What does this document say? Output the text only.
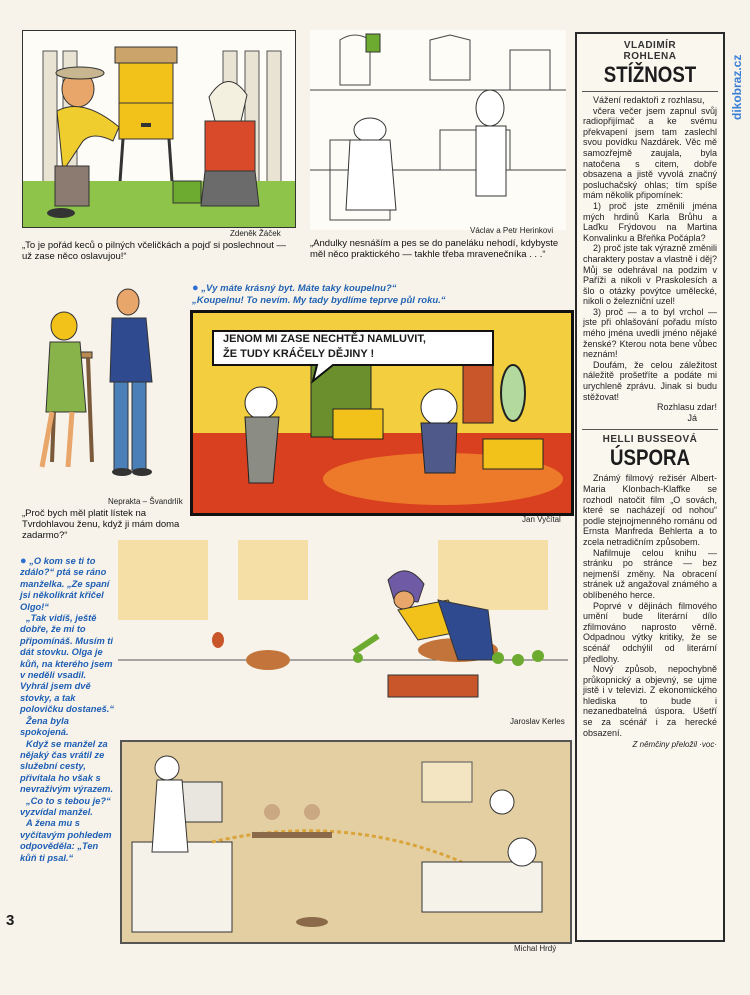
Zdeněk Žáček
„To je pořád keců o pilných včeličkách a pojď si poslechnout — už zase něco oslavujou!“
Václav a Petr Herinkovi
„Andulky nesnáším a pes se do paneláku nehodí, kdybyste měl něco praktického — takhle třeba mravenečníka . . .“
Neprakta – Švandrlík
„Proč bych měl platit lístek na Tvrdohlavou ženu, když ji mám doma zadarmo?“
● „Vy máte krásný byt. Máte taky koupelnu?“
„Koupelnu! To nevím. My tady bydlíme teprve půl roku.“
JENOM MI ZASE NECHTĚJ NAMLUVIT,
ŽE TUDY KRÁČELY DĚJINY !
Jan Vyčítal
● „O kom se ti to zdálo?“ ptá se ráno manželka. „Ze spaní jsi několikrát křičel Olgo!“

„Tak vidíš, ještě dobře, že mi to připomínáš. Musím ti dát stovku. Olga je kůň, na kterého jsem v neděli vsadil. Vyhrál jsem dvě stovky, a tak polovičku dostaneš.“

Žena byla spokojená.

Když se manžel za nějaký čas vrátil ze služební cesty, přivítala ho však s nevraživým výrazem.

„Co to s tebou je?“ vyzvídal manžel.

A žena mu s vyčítavým pohledem odpověděla: „Ten kůň ti psal.“

Jaroslav Kerles
Michal Hrdý
3
dikobraz.cz
VLADIMÍR
ROHLENA
STÍŽNOST

Vážení redaktoři z rozhlasu,

včera večer jsem zapnul svůj radiopřijímač a ke svému překvapení jsem tam zaslechl svou povídku Nazdárek. Věc mě samozřejmě zaujala, byla natočena s citem, dobře obsazena a jistě vyvolá značný posluchačský ohlas; tím spíše mám několik připomínek:

1) proč jste změnili jména mých hrdinů Karla Brůhu a Laďku Frýdovou na Martina Konvalinku a Břeňka Počápla?

2) proč jste tak výrazně změnili charaktery postav a vlastně i děj? Můj se odehrával na podzim v Paříži a nikoli v Praskolesích a šlo o otázky povýtce umělecké, nikoli o železniční uzel!

3) proč — a to byl vrchol — jste při ohlašování pořadu místo mého jména uvedli jméno nějaké ženské? Kterou nota bene vůbec neznám!

Doufám, že celou záležitost náležitě prošetříte a podáte mi urychleně zprávu. Jinak si budu stěžovat!

Rozhlasu zdar!

Já

HELLI BUSSEOVÁ
ÚSPORA

Známý filmový režisér Albert-Maria Klonbach-Klaffke se rozhodl natočit film „O sovách, které se nacházejí od nohou“ podle stejnojmenného románu od Ernsta Manfreda Behlerta a to zcela netradičním způsobem.

Nafilmuje celou knihu — stránku po stránce — bez nejmenší změny. Na obracení stránek už angažoval známého a oblíbeného herce.

Poprvé v dějinách filmového umění bude literární dílo zfilmováno naprosto věrně. Odpadnou výtky kritiky, že se scénář odchýlil od literární předlohy.

Nový způsob, nepochybně průkopnický a objevný, se ujme jistě i v televizi. Z ekonomického hlediska to bude i nezanedbatelná úspora. Ušetří se za scénář i za herecké obsazení.

Z němčiny přeložil ·voc·
